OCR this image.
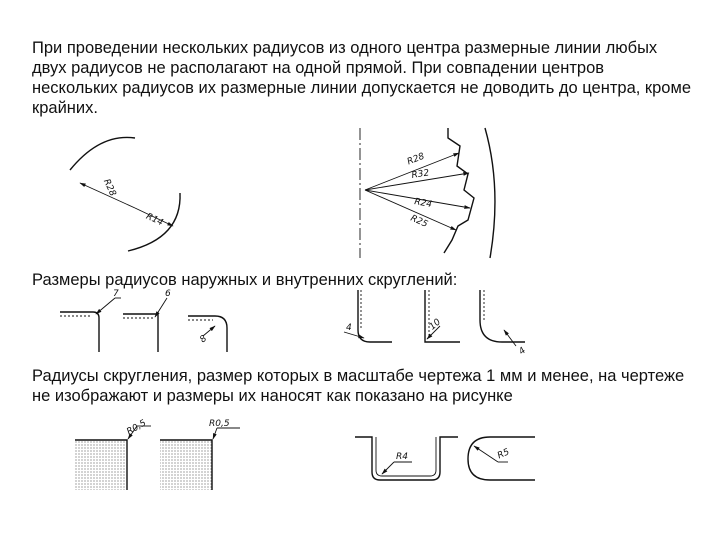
При проведении нескольких радиусов из одного центра размерные линии любых двух радиусов не располагают на одной прямой. При совпадении центров нескольких радиусов их размерные линии допускается не доводить до центра, кроме крайних.

Размеры радиусов наружных и внутренних скруглений:

Радиусы скругления, размер которых в масштабе чертежа 1 мм и менее, на чертеже не изображают и размеры их наносят как показано на рисунке

R28
R14
R28
R32
R24
R25
7	6
8
4	10
4
R0,5	R0,5
R4	R5
